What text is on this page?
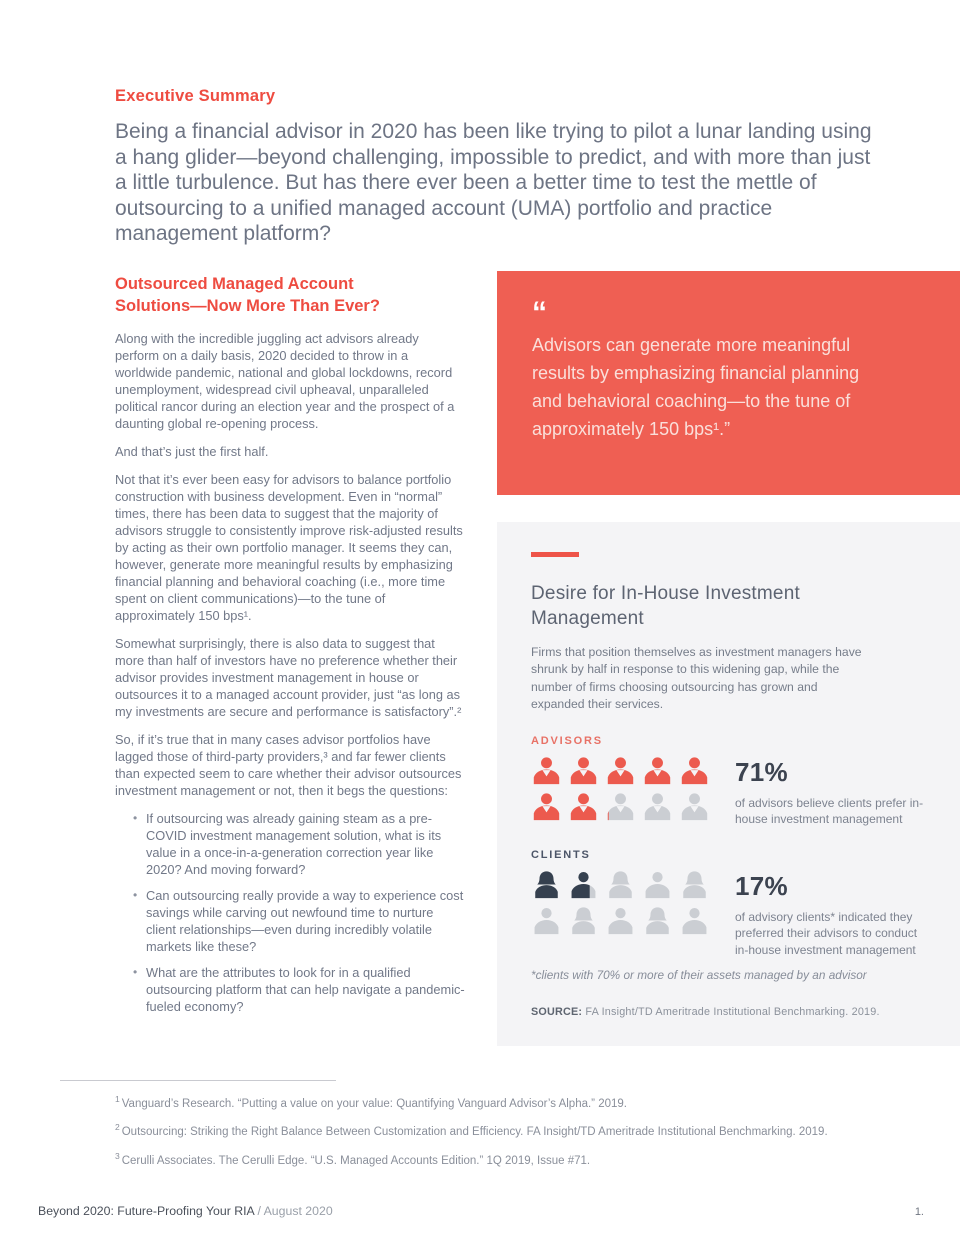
Executive Summary
Being a financial advisor in 2020 has been like trying to pilot a lunar landing using a hang glider—beyond challenging, impossible to predict, and with more than just a little turbulence. But has there ever been a better time to test the mettle of outsourcing to a unified managed account (UMA) portfolio and practice management platform?
Outsourced Managed Account Solutions—Now More Than Ever?

Along with the incredible juggling act advisors already perform on a daily basis, 2020 decided to throw in a worldwide pandemic, national and global lockdowns, record unemployment, widespread civil upheaval, unparalleled political rancor during an election year and the prospect of a daunting global re-opening process.

And that’s just the first half.

Not that it’s ever been easy for advisors to balance portfolio construction with business development. Even in “normal” times, there has been data to suggest that the majority of advisors struggle to consistently improve risk-adjusted results by acting as their own portfolio manager. It seems they can, however, generate more meaningful results by emphasizing financial planning and behavioral coaching (i.e., more time spent on client communications)—to the tune of approximately 150 bps¹.

Somewhat surprisingly, there is also data to suggest that more than half of investors have no preference whether their advisor provides investment management in house or outsources it to a managed account provider, just “as long as my investments are secure and performance is satisfactory”.²

So, if it’s true that in many cases advisor portfolios have lagged those of third-party providers,³ and far fewer clients than expected seem to care whether their advisor outsources investment management or not, then it begs the questions:

• If outsourcing was already gaining steam as a pre-COVID investment management solution, what is its value in a once-in-a-generation correction year like 2020? And moving forward?
• Can outsourcing really provide a way to experience cost savings while carving out newfound time to nurture client relationships—even during incredibly volatile markets like these?
• What are the attributes to look for in a qualified outsourcing platform that can help navigate a pandemic-fueled economy?
“
Advisors can generate more meaningful results by emphasizing financial planning and behavioral coaching—to the tune of approximately 150 bps¹.”
Desire for In-House Investment Management
Firms that position themselves as investment managers have shrunk by half in response to this widening gap, while the number of firms choosing outsourcing has grown and expanded their services.
ADVISORS
71%
of advisors believe clients prefer in-house investment management
CLIENTS
17%
of advisory clients* indicated they preferred their advisors to conduct in-house investment management
*clients with 70% or more of their assets managed by an advisor
SOURCE: FA Insight/TD Ameritrade Institutional Benchmarking. 2019.

$^1$ Vanguard’s Research. “Putting a value on your value: Quantifying Vanguard Advisor’s Alpha.” 2019.

$^2$ Outsourcing: Striking the Right Balance Between Customization and Efficiency. FA Insight/TD Ameritrade Institutional Benchmarking. 2019.

$^3$ Cerulli Associates. The Cerulli Edge. “U.S. Managed Accounts Edition.” 1Q 2019, Issue #71.

Beyond 2020: Future-Proofing Your RIA / August 2020	1.
